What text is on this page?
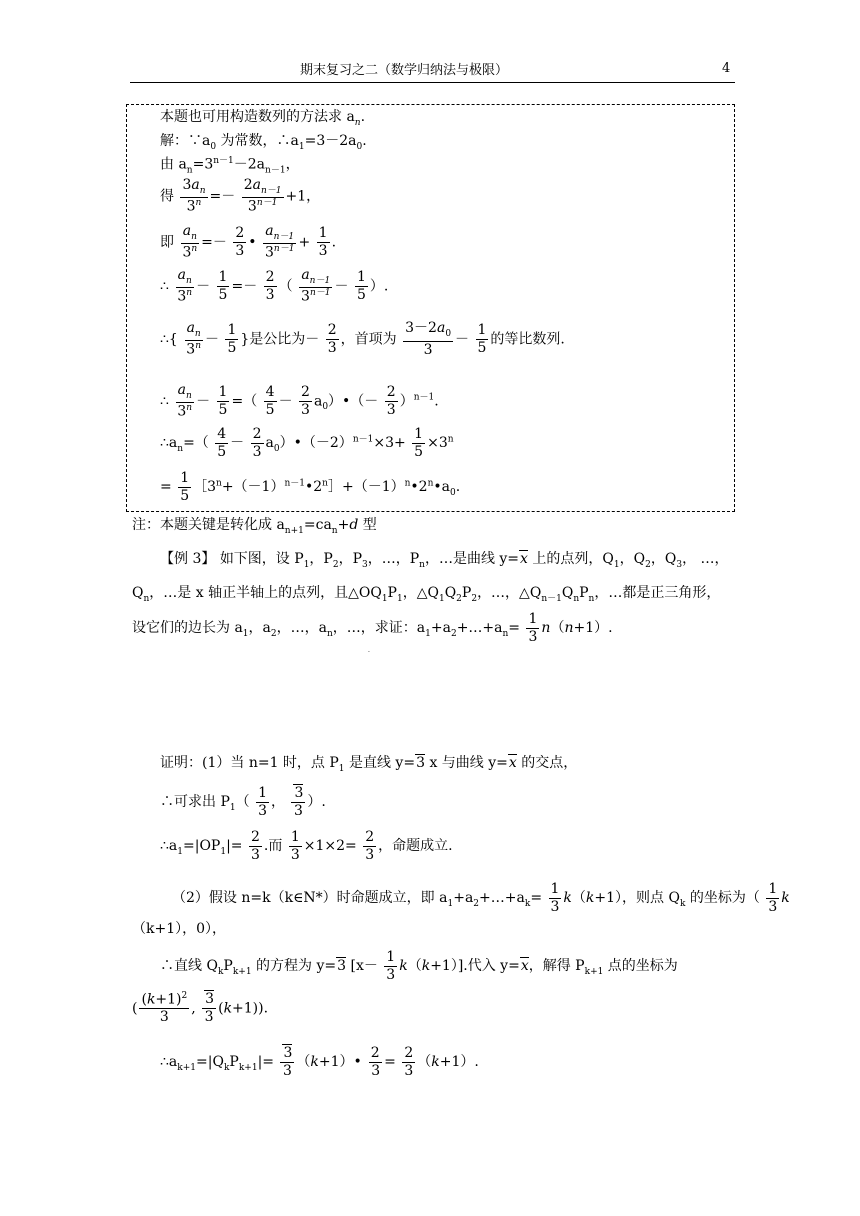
期末复习之二（数学归纳法与极限）	4
本题也可用构造数列的方法求 $a_n$.
解：$\because a_0$ 为常数，$\therefore a_1=3-2a_0$.
由 $a_n=3^{n-1}-2a_{n-1}$，
得 $\frac{3a_n}{3^n} =- \frac{2a_{n-1}}{3^{n-1}} +1$，
即 $\frac{a_n}{3^n} =- \frac{2}{3}$ • $\frac{a_{n-1}}{3^{n-1}} + \frac{1}{3}$ .
∴ $\frac{a_n}{3^n} - \frac{1}{5} =- \frac{2}{3}$ （ $\frac{a_{n-1}}{3^{n-1}} - \frac{1}{5}$ ）.
∴{ $\frac{a_n}{3^n} - \frac{1}{5}$ }是公比为－ $\frac{2}{3}$ ，首项为 $\frac{3-2a_0}{3} - \frac{1}{5}$ 的等比数列.
∴ $\frac{a_n}{3^n} - \frac{1}{5}$ =（ $\frac{4}{5} - \frac{2}{3}$ $a_0)•(- \frac{2}{3} )^{n-1}$.
$\therefore a_n=( \frac{4}{5} - \frac{2}{3}$ $a_0)•(-2)^{n-1}\times 3+ \frac{1}{5} \times 3^n$
= $\frac{1}{5}$ $[3^n+(-1)^{n-1}•2^n]+(-1)^n•2^n•a_0$.
注：本题关键是转化成 $a_{n+1}=ca_n+d$ 型
【例 3】 如下图，设 $P_1$，$P_2$，$P_3$，…，$P_n$，…是曲线 y=x 上的点列，$Q_1$，$Q_2$，$Q_3$， …，
$Q_n$，…是 x 轴正半轴上的点列，且$\triangle OQ_1P_1$，$\triangle Q_1Q_2P_2$，…，$\triangle Q_{n-1}Q_nP_n$，…都是正三角形，
设它们的边长为 $a_1$，$a_2$，…，$a_n$，…，求证：$a_1+a_2+\dots+a_n= \frac{1}{3} n(n+1)$.
.
证明：(1）当 n=1 时，点 $P_1$ 是直线 y=3 x 与曲线 y=x 的交点，
∴可求出 $P_1( \frac{1}{3}$ ， $\frac{3}{3}$ ）.
$\therefore a_1=|OP_1|= \frac{2}{3}$ .而 $\frac{1}{3} \times 1\times 2= \frac{2}{3}$ ，命题成立.
（2）假设 n=k（k∈N*）时命题成立，即 $a_1+a_2+\dots+a_k= \frac{1}{3} k(k+1)$，则点 $Q_k$ 的坐标为（ $\frac{1}{3}$ k
（k+1），0），
∴直线 $Q_kP_{k+1}$ 的方程为 y=3 $[x- \frac{1}{3} k(k+1)]$.代入 y=x，解得 $P_{k+1}$ 点的坐标为
( $\frac{(k+1)^2}{3}$ , $\frac{3}{3} (k+1)$).
$\therefore a_{k+1}=|Q_kP_{k+1}|= \frac{3}{3}$ （k+1）• $\frac{2}{3} = \frac{2}{3} (k+1)$.
